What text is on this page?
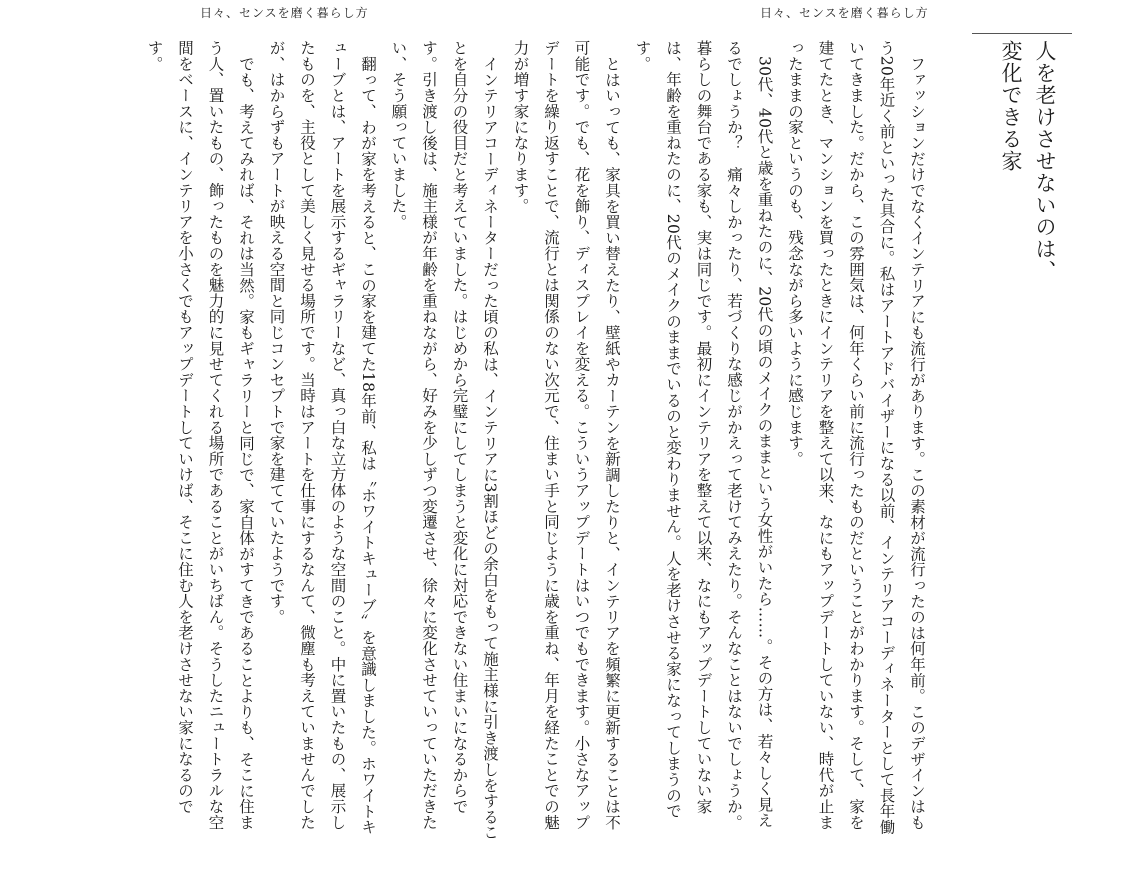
日々、センスを磨く暮らし方	日々、センスを磨く暮らし方
人を老けさせないのは、
変化できる家

ファッションだけでなくインテリアにも流行があります。この素材が流行ったのは何年前。このデザインはもう20年近く前といった具合に。私はアートアドバイザーになる以前、インテリアコーディネーターとして長年働いてきました。だから、この雰囲気は、何年くらい前に流行ったものだということがわかります。そして、家を建てたとき、マンションを買ったときにインテリアを整えて以来、なにもアップデートしていない、時代が止まったままの家というのも、残念ながら多いように感じます。

30代、40代と歳を重ねたのに、20代の頃のメイクのままという女性がいたら……。その方は、若々しく見えるでしょうか？　痛々しかったり、若づくりな感じがかえって老けてみえたり。そんなことはないでしょうか。暮らしの舞台である家も、実は同じです。最初にインテリアを整えて以来、なにもアップデートしていない家は、年齢を重ねたのに、20代のメイクのままでいるのと変わりません。人を老けさせる家になってしまうのです。

とはいっても、家具を買い替えたり、壁紙やカーテンを新調したりと、インテリアを頻繁に更新することは不可能です。でも、花を飾り、ディスプレイを変える。こういうアップデートはいつでもできます。小さなアップデートを繰り返すことで、流行とは関係のない次元で、住まい手と同じように歳を重ね、年月を経たことでの魅力が増す家になります。

インテリアコーディネーターだった頃の私は、インテリアに3割ほどの余白をもって施主様に引き渡しをすることを自分の役目だと考えていました。はじめから完璧にしてしまうと変化に対応できない住まいになるからです。引き渡し後は、施主様が年齢を重ねながら、好みを少しずつ変遷させ、徐々に変化させていっていただきたい、そう願っていました。

翻って、わが家を考えると、この家を建てた18年前、私は〝ホワイトキューブ〟を意識しました。ホワイトキューブとは、アートを展示するギャラリーなど、真っ白な立方体のような空間のこと。中に置いたもの、展示したものを、主役として美しく見せる場所です。当時はアートを仕事にするなんて、微塵も考えていませんでしたが、はからずもアートが映える空間と同じコンセプトで家を建てていたようです。

でも、考えてみれば、それは当然。家もギャラリーと同じで、家自体がすてきであることよりも、そこに住まう人、置いたもの、飾ったものを魅力的に見せてくれる場所であることがいちばん。そうしたニュートラルな空間をベースに、インテリアを小さくでもアップデートしていけば、そこに住む人を老けさせない家になるのです。
